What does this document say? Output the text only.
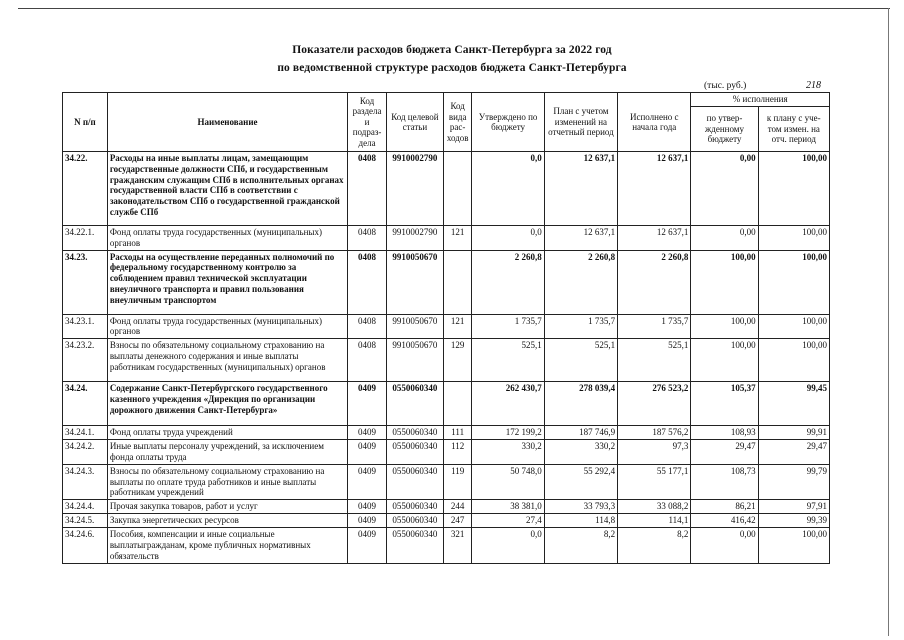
Показатели расходов бюджета Санкт-Петербурга за 2022 год
по ведомственной структуре расходов бюджета Санкт-Петербурга
(тыс. руб.)	218
N п/п	Наименование	Код раздела и подраз-дела	Код целевой статьи	Код вида рас-ходов	Утверждено по бюджету	План с учетом изменений на отчетный период	Исполнено с начала года	% исполнения	
								по утвер-жденному бюджету	к плану с уче-том измен. на отч. период
34.22.	Расходы на иные выплаты лицам, замещающим государственные должности СПб, и государственным гражданским служащим СПб в исполнительных органах государственной власти СПб в соответствии с законодательством СПб о государственной гражданской службе СПб	0408	9910002790		0,0	12 637,1	12 637,1	0,00	100,00
34.22.1.	Фонд оплаты труда государственных (муниципальных) органов	0408	9910002790	121	0,0	12 637,1	12 637,1	0,00	100,00
34.23.	Расходы на осуществление переданных полномочий по федеральному государственному контролю за соблюдением правил технической эксплуатации внеуличного транспорта и правил пользования внеуличным транспортом	0408	9910050670		2 260,8	2 260,8	2 260,8	100,00	100,00
34.23.1.	Фонд оплаты труда государственных (муниципальных) органов	0408	9910050670	121	1 735,7	1 735,7	1 735,7	100,00	100,00
34.23.2.	Взносы по обязательному социальному страхованию на выплаты денежного содержания и иные выплаты работникам государственных (муниципальных) органов	0408	9910050670	129	525,1	525,1	525,1	100,00	100,00
34.24.	Содержание Санкт-Петербургского государственного казенного учреждения «Дирекция по организации дорожного движения Санкт-Петербурга»	0409	0550060340		262 430,7	278 039,4	276 523,2	105,37	99,45
34.24.1.	Фонд оплаты труда учреждений	0409	0550060340	111	172 199,2	187 746,9	187 576,2	108,93	99,91
34.24.2.	Иные выплаты персоналу учреждений, за исключением фонда оплаты труда	0409	0550060340	112	330,2	330,2	97,3	29,47	29,47
34.24.3.	Взносы по обязательному социальному страхованию на выплаты по оплате труда работников и иные выплаты работникам учреждений	0409	0550060340	119	50 748,0	55 292,4	55 177,1	108,73	99,79
34.24.4.	Прочая закупка товаров, работ и услуг	0409	0550060340	244	38 381,0	33 793,3	33 088,2	86,21	97,91
34.24.5.	Закупка энергетических ресурсов	0409	0550060340	247	27,4	114,8	114,1	416,42	99,39
34.24.6.	Пособия, компенсации и иные социальные выплатыгражданам, кроме публичных нормативных обязательств	0409	0550060340	321	0,0	8,2	8,2	0,00	100,00
